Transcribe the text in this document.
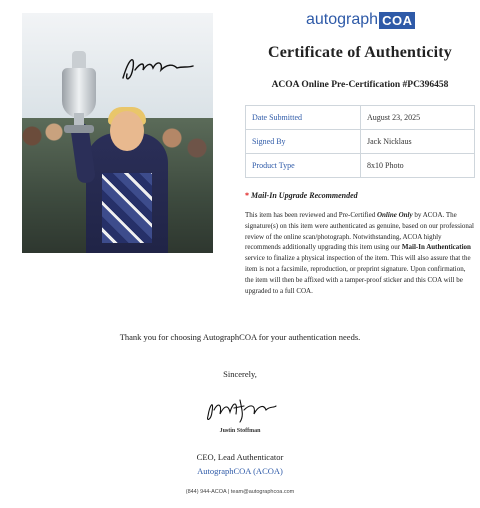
autograph COA
Certificate of Authenticity
ACOA Online Pre-Certification #PC396458
Date Submitted	August 23, 2025
Signed By	Jack Nicklaus
Product Type	8x10 Photo
* Mail-In Upgrade Recommended
This item has been reviewed and Pre-Certified Online Only by ACOA. The signature(s) on this item were authenticated as genuine, based on our professional review of the online scan/photograph. Notwithstanding, ACOA highly recommends additionally upgrading this item using our Mail-In Authentication service to finalize a physical inspection of the item. This will also assure that the item is not a facsimile, reproduction, or preprint signature. Upon confirmation, the item will then be affixed with a tamper-proof sticker and this COA will be upgraded to a full COA.
Thank you for choosing AutographCOA for your authentication needs.
Sincerely,
Justin Stoffman
CEO, Lead Authenticator
AutographCOA (ACOA)
(844) 944-ACOA | team@autographcoa.com
